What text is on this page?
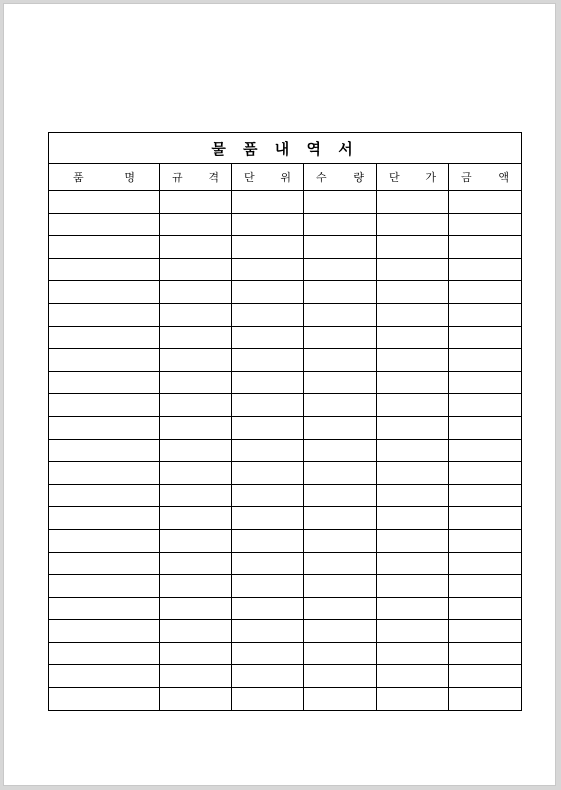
물 품 내 역 서					

품 명	규 격	단 위	수 량	단 가	금 액
